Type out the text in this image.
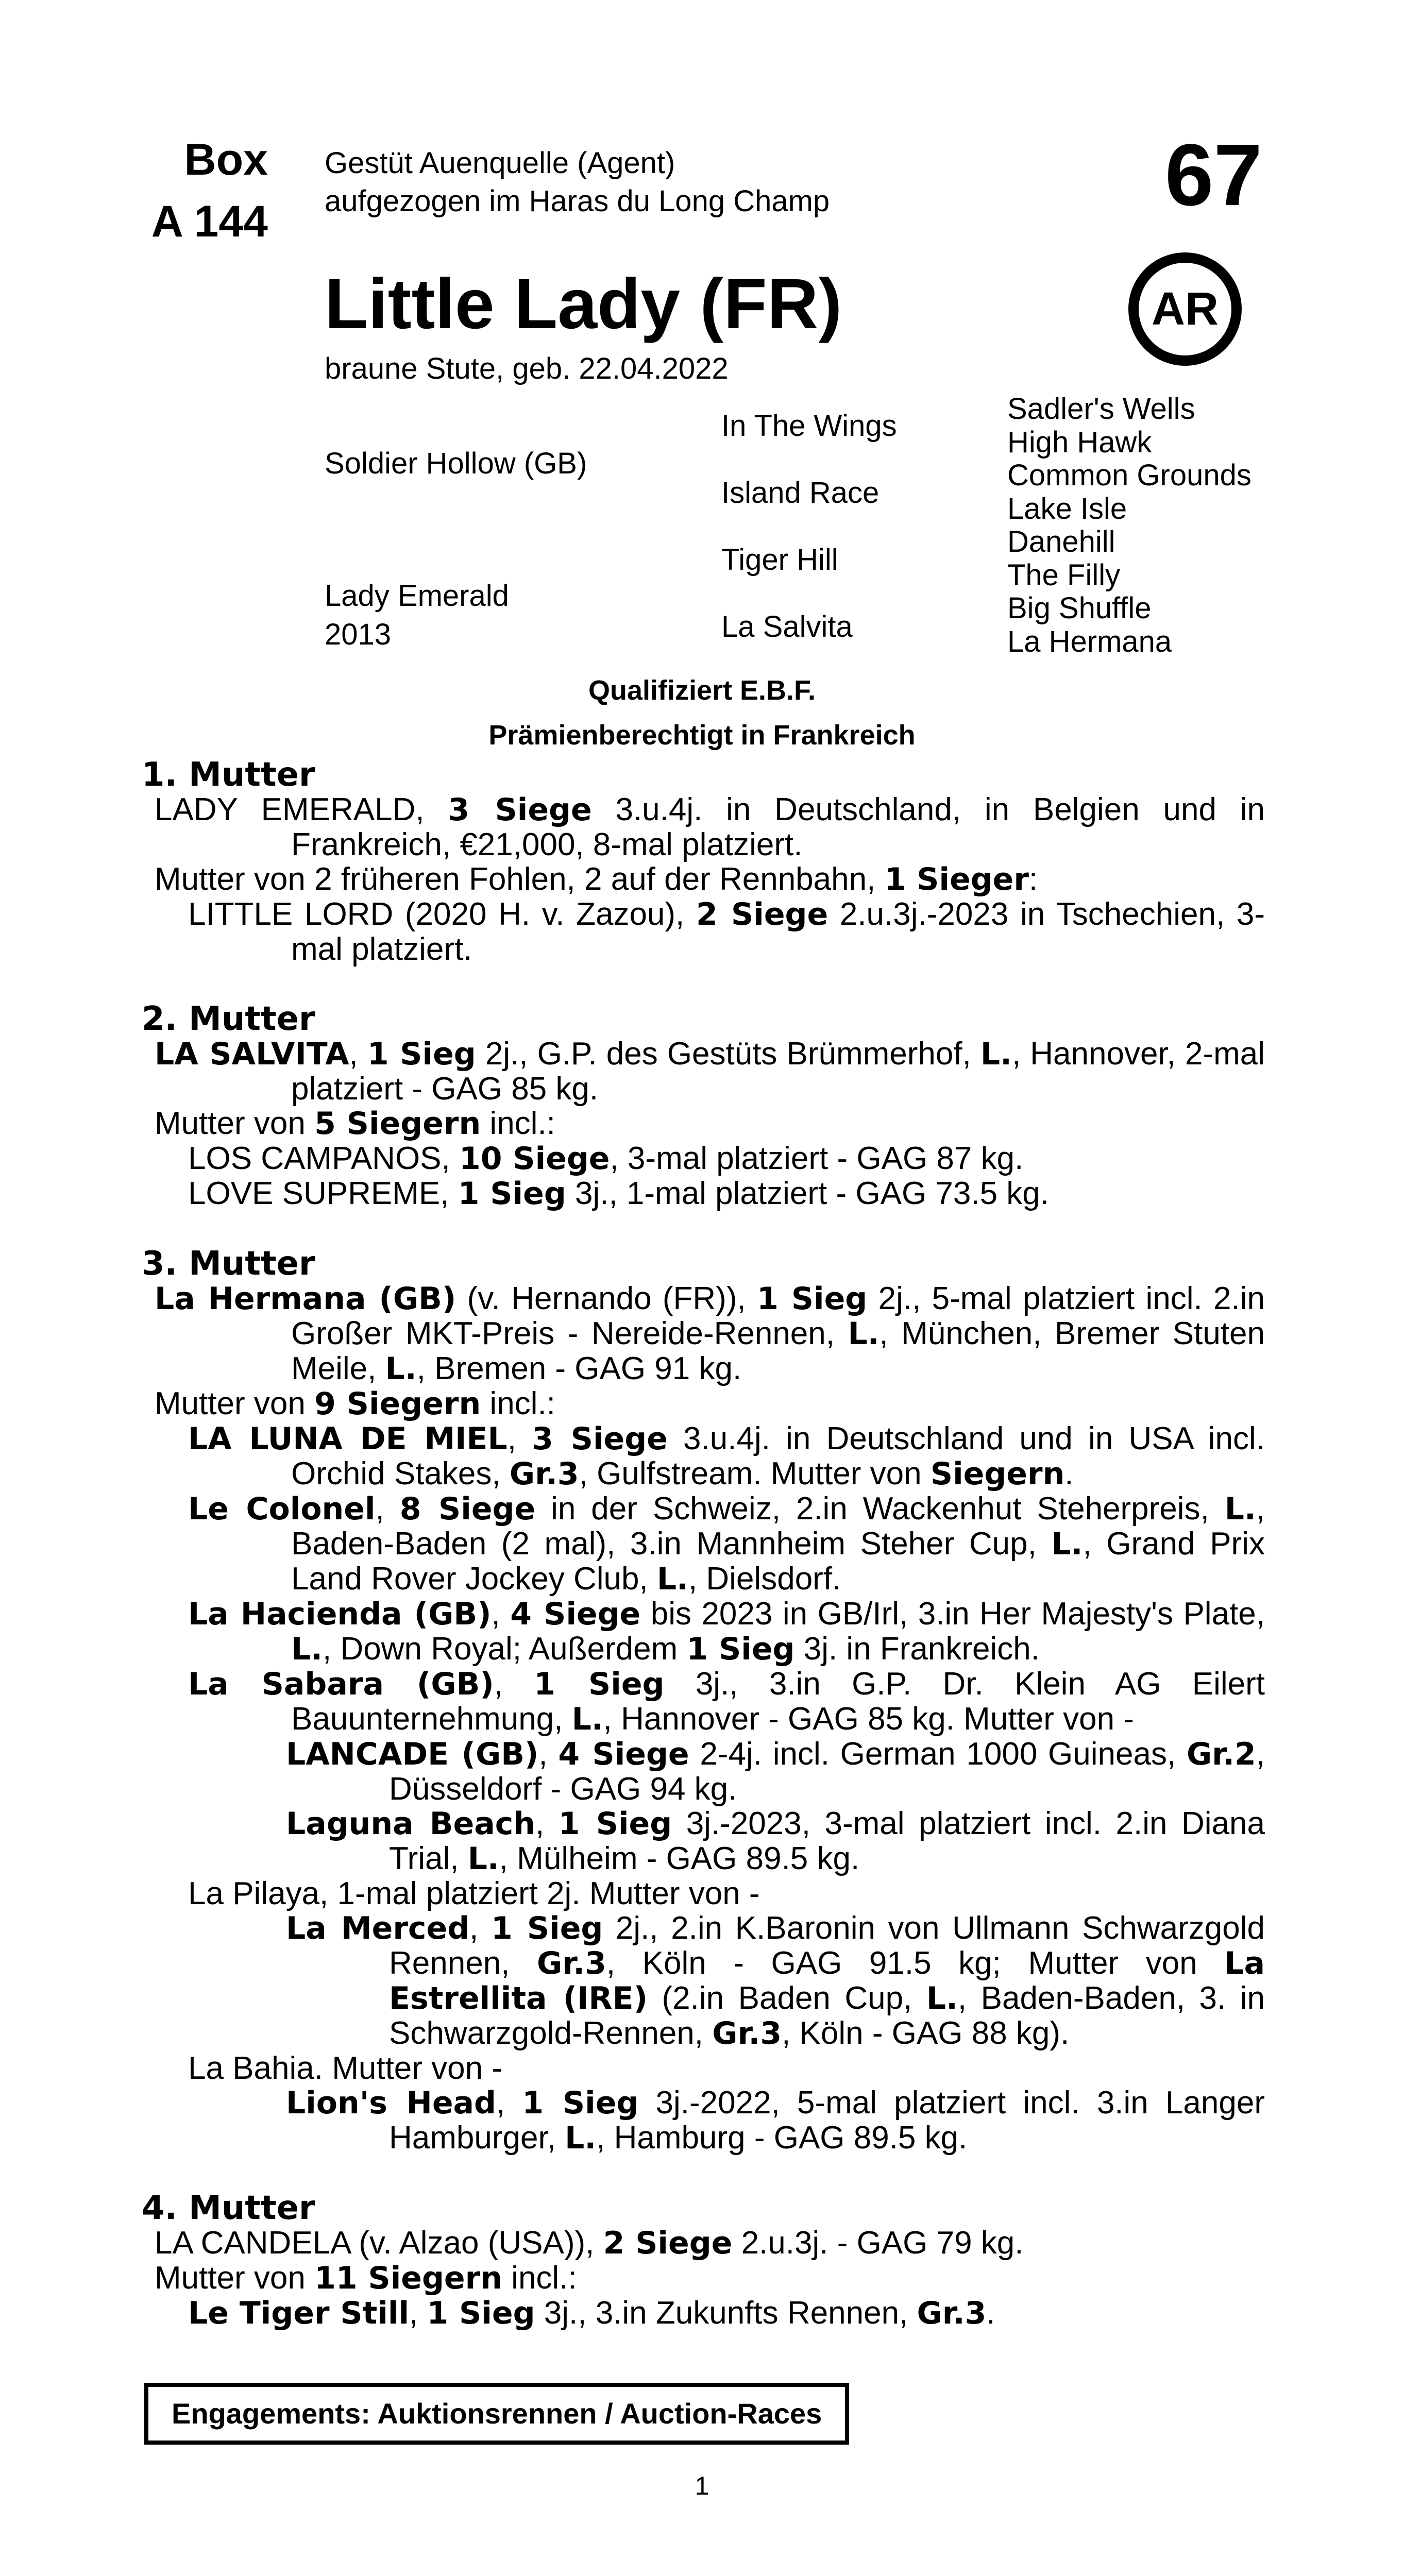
Box
A 144
Gestüt Auenquelle (Agent)
aufgezogen im Haras du Long Champ	67
AR
Little Lady (FR)
braune Stute, geb. 22.04.2022
Soldier Hollow (GB)
Lady Emerald
2013
In The Wings
Island Race
Tiger Hill
La Salvita
Sadler's Wells
High Hawk
Common Grounds
Lake Isle
Danehill
The Filly
Big Shuffle
La Hermana
Qualifiziert E.B.F.
Prämienberechtigt in Frankreich
1. Mutter
LADY EMERALD, 3 Siege 3.u.4j. in Deutschland, in Belgien und in Frankreich, €21,000, 8-mal platziert.
Mutter von 2 früheren Fohlen, 2 auf der Rennbahn, 1 Sieger:
LITTLE LORD (2020 H. v. Zazou), 2 Siege 2.u.3j.-2023 in Tschechien, 3-mal platziert.
2. Mutter
LA SALVITA, 1 Sieg 2j., G.P. des Gestüts Brümmerhof, L., Hannover, 2-mal platziert - GAG 85 kg.
Mutter von 5 Siegern incl.:
LOS CAMPANOS, 10 Siege, 3-mal platziert - GAG 87 kg.
LOVE SUPREME, 1 Sieg 3j., 1-mal platziert - GAG 73.5 kg.
3. Mutter
La Hermana (GB) (v. Hernando (FR)), 1 Sieg 2j., 5-mal platziert incl. 2.in Großer MKT-Preis - Nereide-Rennen, L., München, Bremer Stuten Meile, L., Bremen - GAG 91 kg.
Mutter von 9 Siegern incl.:
LA LUNA DE MIEL, 3 Siege 3.u.4j. in Deutschland und in USA incl. Orchid Stakes, Gr.3, Gulfstream. Mutter von Siegern.
Le Colonel, 8 Siege in der Schweiz, 2.in Wackenhut Steherpreis, L., Baden-Baden (2 mal), 3.in Mannheim Steher Cup, L., Grand Prix Land Rover Jockey Club, L., Dielsdorf.
La Hacienda (GB), 4 Siege bis 2023 in GB/Irl, 3.in Her Majesty's Plate, L., Down Royal; Außerdem 1 Sieg 3j. in Frankreich.
La Sabara (GB), 1 Sieg 3j., 3.in G.P. Dr. Klein AG Eilert Bauunternehmung, L., Hannover - GAG 85 kg. Mutter von -
LANCADE (GB), 4 Siege 2-4j. incl. German 1000 Guineas, Gr.2, Düsseldorf - GAG 94 kg.
Laguna Beach, 1 Sieg 3j.-2023, 3-mal platziert incl. 2.in Diana Trial, L., Mülheim - GAG 89.5 kg.
La Pilaya, 1-mal platziert 2j. Mutter von -
La Merced, 1 Sieg 2j., 2.in K.Baronin von Ullmann Schwarzgold Rennen, Gr.3, Köln - GAG 91.5 kg; Mutter von La Estrellita (IRE) (2.in Baden Cup, L., Baden-Baden, 3. in Schwarzgold-Rennen, Gr.3, Köln - GAG 88 kg).
La Bahia. Mutter von -
Lion's Head, 1 Sieg 3j.-2022, 5-mal platziert incl. 3.in Langer Hamburger, L., Hamburg - GAG 89.5 kg.
4. Mutter
LA CANDELA (v. Alzao (USA)), 2 Siege 2.u.3j. - GAG 79 kg.
Mutter von 11 Siegern incl.:
Le Tiger Still, 1 Sieg 3j., 3.in Zukunfts Rennen, Gr.3.
Engagements: Auktionsrennen / Auction-Races
1
